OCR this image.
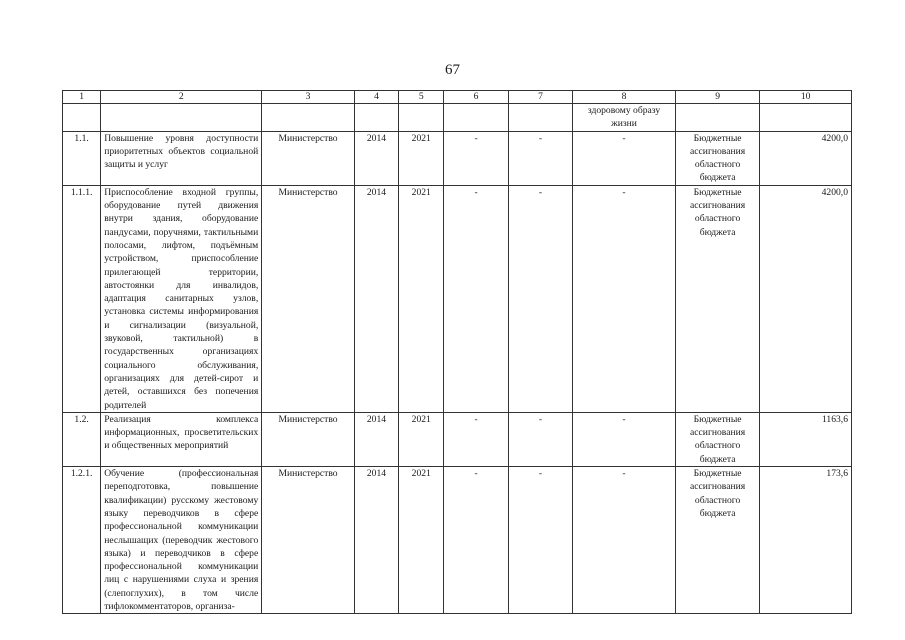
67
1	2	3	4	5	6	7	8	9	10
							здоровому образу жизни		
1.1.	Повышение уровня доступности приоритетных объектов социальной защиты и услуг	Министерство	2014	2021	-	-	-	Бюджетные ассигнования областного бюджета	4200,0
1.1.1.	Приспособление входной группы, оборудование путей движения внутри здания, оборудование пандусами, поручнями, тактильными полосами, лифтом, подъёмным устройством, приспособление прилегающей территории, автостоянки для инвалидов, адаптация санитарных узлов, установка системы информирования и сигнализации (визуальной, звуковой, тактильной) в государственных организациях социального обслуживания, организациях для детей-сирот и детей, оставшихся без попечения родителей	Министерство	2014	2021	-	-	-	Бюджетные ассигнования областного бюджета	4200,0
1.2.	Реализация комплекса информационных, просветительских и общественных мероприятий	Министерство	2014	2021	-	-	-	Бюджетные ассигнования областного бюджета	1163,6
1.2.1.	Обучение (профессиональная переподготовка, повышение квалификации) русскому жестовому языку переводчиков в сфере профессиональной коммуникации неслышащих (переводчик жестового языка) и переводчиков в сфере профессиональной коммуникации лиц с нарушениями слуха и зрения (слепоглухих), в том числе тифлокомментаторов, организа-	Министерство	2014	2021	-	-	-	Бюджетные ассигнования областного бюджета	173,6
